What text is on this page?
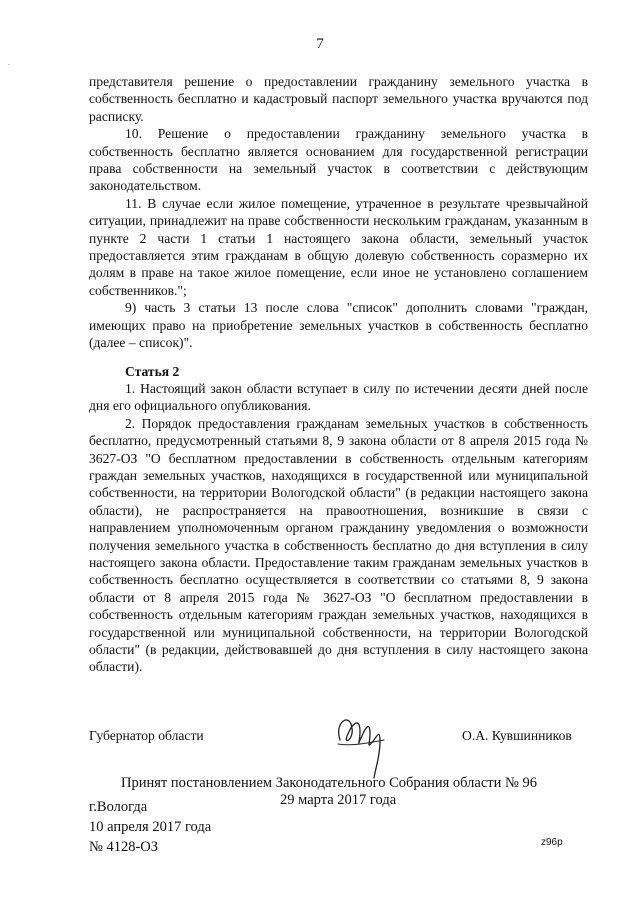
.
7

представителя решение о предоставлении гражданину земельного участка в собственность бесплатно и кадастровый паспорт земельного участка вручаются под расписку.

10. Решение о предоставлении гражданину земельного участка в собственность бесплатно является основанием для государственной регистрации права собственности на земельный участок в соответствии с действующим законодательством.

11. В случае если жилое помещение, утраченное в результате чрезвычайной ситуации, принадлежит на праве собственности нескольким гражданам, указанным в пункте 2 части 1 статьи 1 настоящего закона области, земельный участок предоставляется этим гражданам в общую долевую собственность соразмерно их долям в праве на такое жилое помещение, если иное не установлено соглашением собственников.";

9) часть 3 статьи 13 после слова "список" дополнить словами "граждан, имеющих право на приобретение земельных участков в собственность бесплатно (далее – список)".

Статья 2

1. Настоящий закон области вступает в силу по истечении десяти дней после дня его официального опубликования.

2. Порядок предоставления гражданам земельных участков в собственность бесплатно, предусмотренный статьями 8, 9 закона области от 8 апреля 2015 года № 3627-ОЗ "О бесплатном предоставлении в собственность отдельным категориям граждан земельных участков, находящихся в государственной или муниципальной собственности, на территории Вологодской области" (в редакции настоящего закона области), не распространяется на правоотношения, возникшие в связи с направлением уполномоченным органом гражданину уведомления о возможности получения земельного участка в собственность бесплатно до дня вступления в силу настоящего закона области. Предоставление таким гражданам земельных участков в собственность бесплатно осуществляется в соответствии со статьями 8, 9 закона области от 8 апреля 2015 года № 3627-ОЗ "О бесплатном предоставлении в собственность отдельным категориям граждан земельных участков, находящихся в государственной или муниципальной собственности, на территории Вологодской области" (в редакции, действовавшей до дня вступления в силу настоящего закона области).

Губернатор области	О.А. Кувшинников
Принят постановлением Законодательного Собрания области № 96
29 марта 2017 года
г.Вологда
10 апреля 2017 года
№ 4128-ОЗ	z96p
